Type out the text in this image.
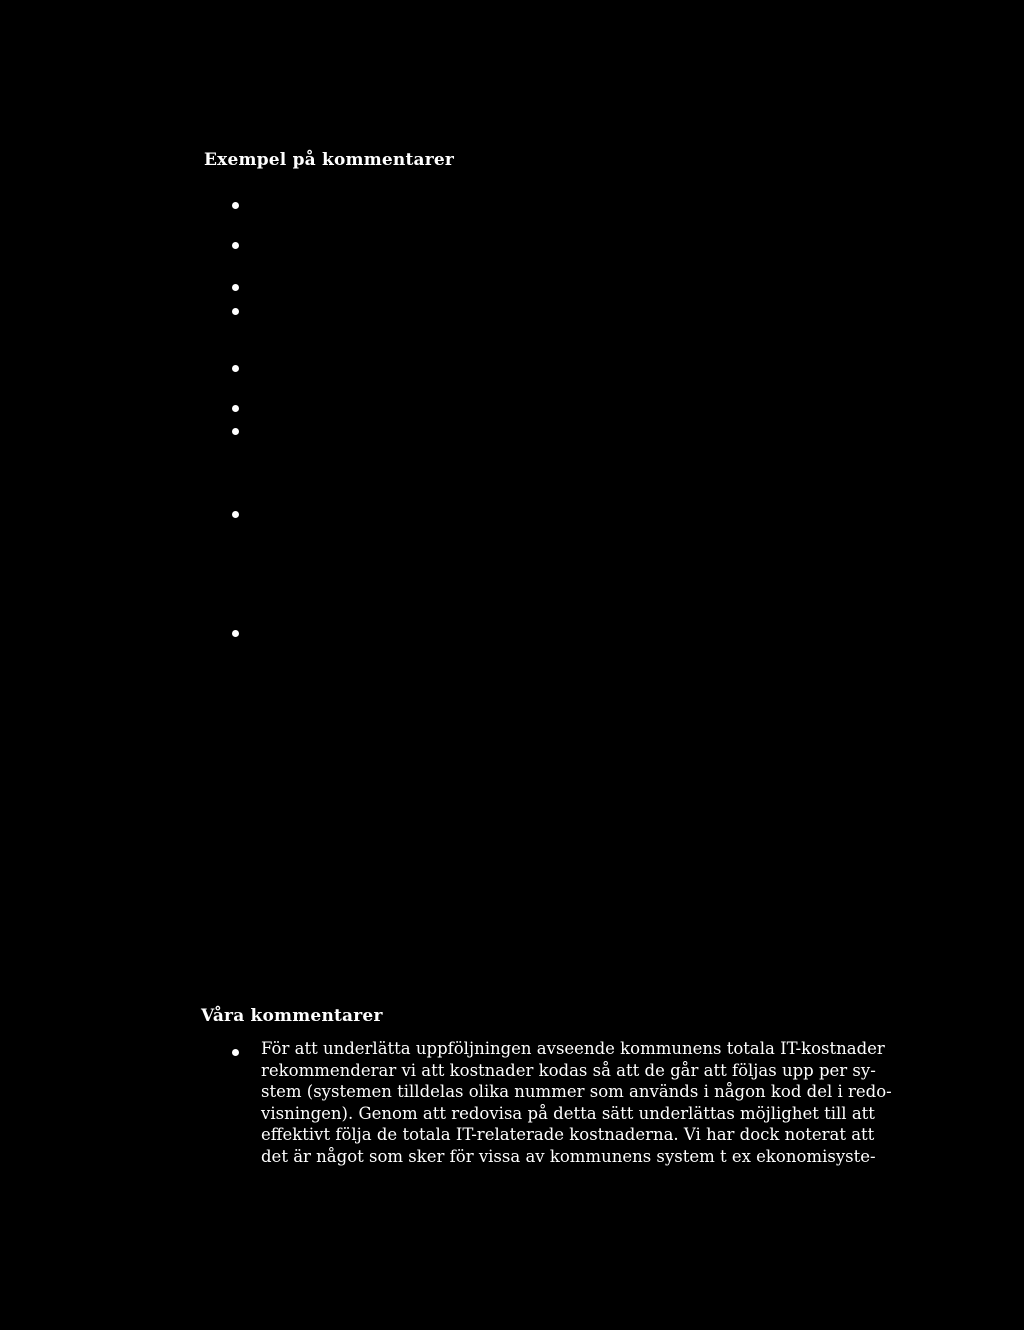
Exempel på kommentarer
Våra kommentarer
För att underlätta uppföljningen avseende kommunens totala IT-kostnader
rekommenderar vi att kostnader kodas så att de går att följas upp per sy-
stem (systemen tilldelas olika nummer som används i någon kod del i redo-
visningen). Genom att redovisa på detta sätt underlättas möjlighet till att
effektivt följa de totala IT-relaterade kostnaderna. Vi har dock noterat att
det är något som sker för vissa av kommunens system t ex ekonomisyste-
